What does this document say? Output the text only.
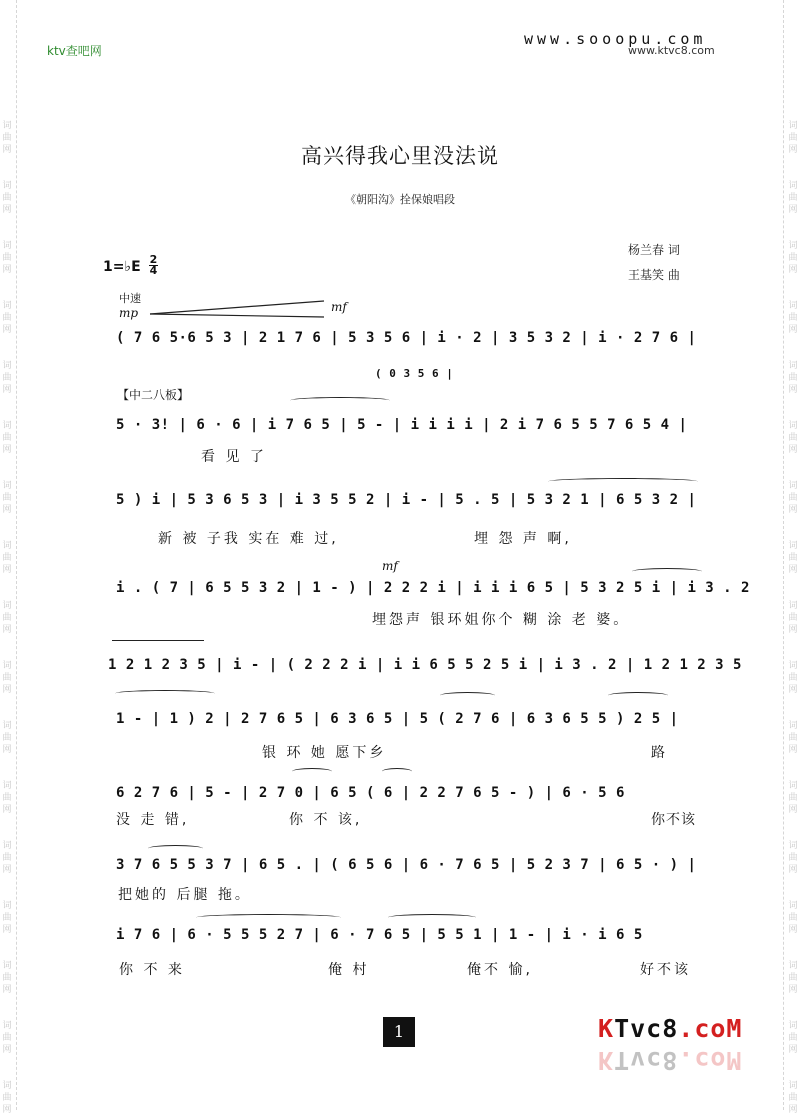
词
曲
网
词
曲
网
词
曲
网
词
曲
网
词
曲
网
词
曲
网
词
曲
网
词
曲
网
词
曲
网
词
曲
网
词
曲
网
词
曲
网
词
曲
网
词
曲
网
词
曲
网
词
曲
网
词
曲
网
词
曲
网
词
曲
网
词
曲
网
词
曲
网
词
曲
网
词
曲
网
词
曲
网
词
曲
网
词
曲
网
词
曲
网
词
曲
网
词
曲
网
词
曲
网
词
曲
网
词
曲
网
词
曲
网
词
曲
网
ktv查吧网
www.sooopu.com
www.ktvc8.com
高兴得我心里没法说
《朝阳沟》拴保娘唱段
杨兰春 词
王基笑 曲
1=♭E 2
4
中速
mp	mf
( 7 6 5·6 5 3 | 2 1 7 6 | 5 3 5 6 | i · 2 | 3 5 3 2 | i · 2 7 6 |
( 0 3 5 6 |
【中二八板】
5 · 3! | 6 · 6 | i 7 6 5 | 5 - | i i i i | 2 i 7 6 5 5 7 6 5 4 |
看 见 了
5 ) i | 5 3 6 5 3 | i 3 5 5 2 | i - | 5 . 5 | 5 3 2 1 | 6 5 3 2 |
新 被 子我 实在 难 过,	埋 怨 声 啊,
mf
i . ( 7 | 6 5 5 3 2 | 1 - ) | 2 2 2 i | i i i 6 5 | 5 3 2 5 i | i 3 . 2
埋怨声 银环姐你个 糊 涂 老 婆。
1 2 1 2 3 5 | i - | ( 2 2 2 i | i i 6 5 5 2 5 i | i 3 . 2 | 1 2 1 2 3 5
1 - | 1 ) 2 | 2 7 6 5 | 6 3 6 5 | 5 ( 2 7 6 | 6 3 6 5 5 ) 2 5 |
银 环 她 愿下乡	路
6 2 7 6 | 5 - | 2 7 0 | 6 5 ( 6 | 2 2 7 6 5 - ) | 6 · 5 6
没 走 错,	你 不 该,	你不该
3 7 6 5 5 3 7 | 6 5 . | ( 6 5 6 | 6 · 7 6 5 | 5 2 3 7 | 6 5 · ) |
把她的 后腿 拖。
i 7 6 | 6 · 5 5 5 2 7 | 6 · 7 6 5 | 5 5 1 | 1 - | i · i 6 5
你 不 来	俺 村	俺不 愉,	好不该
1	KTvc8.coM
KTvc8.coM
